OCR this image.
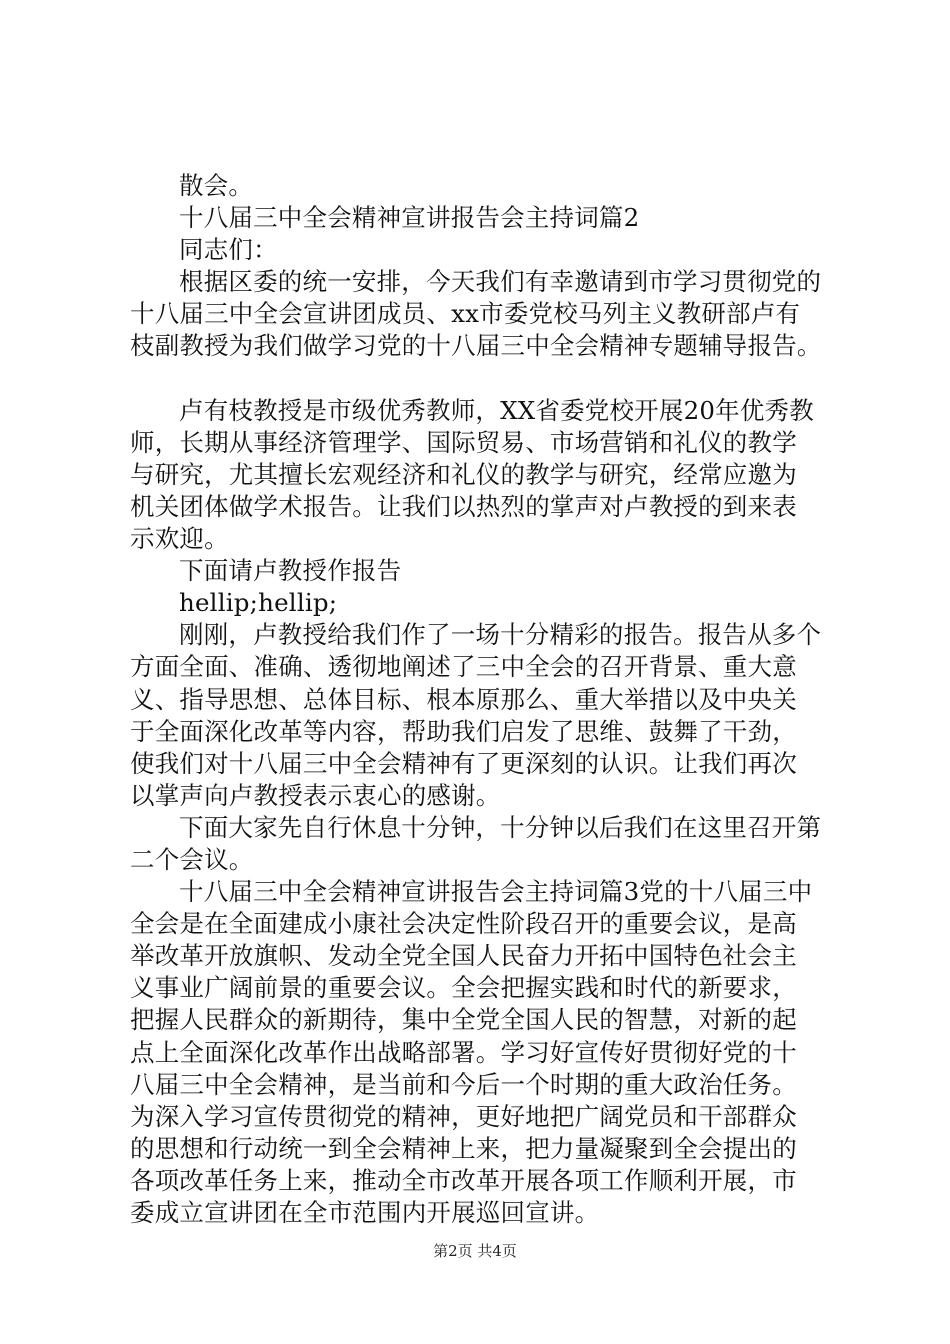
散会。
十八届三中全会精神宣讲报告会主持词篇2
同志们：
根据区委的统一安排，今天我们有幸邀请到市学习贯彻党的
十八届三中全会宣讲团成员、xx市委党校马列主义教研部卢有
枝副教授为我们做学习党的十八届三中全会精神专题辅导报告。
卢有枝教授是市级优秀教师，XX省委党校开展20年优秀教
师，长期从事经济管理学、国际贸易、市场营销和礼仪的教学
与研究，尤其擅长宏观经济和礼仪的教学与研究，经常应邀为
机关团体做学术报告。让我们以热烈的掌声对卢教授的到来表
示欢迎。
下面请卢教授作报告
hellip;hellip;
刚刚，卢教授给我们作了一场十分精彩的报告。报告从多个
方面全面、准确、透彻地阐述了三中全会的召开背景、重大意
义、指导思想、总体目标、根本原那么、重大举措以及中央关
于全面深化改革等内容，帮助我们启发了思维、鼓舞了干劲，
使我们对十八届三中全会精神有了更深刻的认识。让我们再次
以掌声向卢教授表示衷心的感谢。
下面大家先自行休息十分钟，十分钟以后我们在这里召开第
二个会议。
十八届三中全会精神宣讲报告会主持词篇3党的十八届三中
全会是在全面建成小康社会决定性阶段召开的重要会议，是高
举改革开放旗帜、发动全党全国人民奋力开拓中国特色社会主
义事业广阔前景的重要会议。全会把握实践和时代的新要求，
把握人民群众的新期待，集中全党全国人民的智慧，对新的起
点上全面深化改革作出战略部署。学习好宣传好贯彻好党的十
八届三中全会精神，是当前和今后一个时期的重大政治任务。
为深入学习宣传贯彻党的精神，更好地把广阔党员和干部群众
的思想和行动统一到全会精神上来，把力量凝聚到全会提出的
各项改革任务上来，推动全市改革开展各项工作顺利开展，市
委成立宣讲团在全市范围内开展巡回宣讲。
第2页 共4页
